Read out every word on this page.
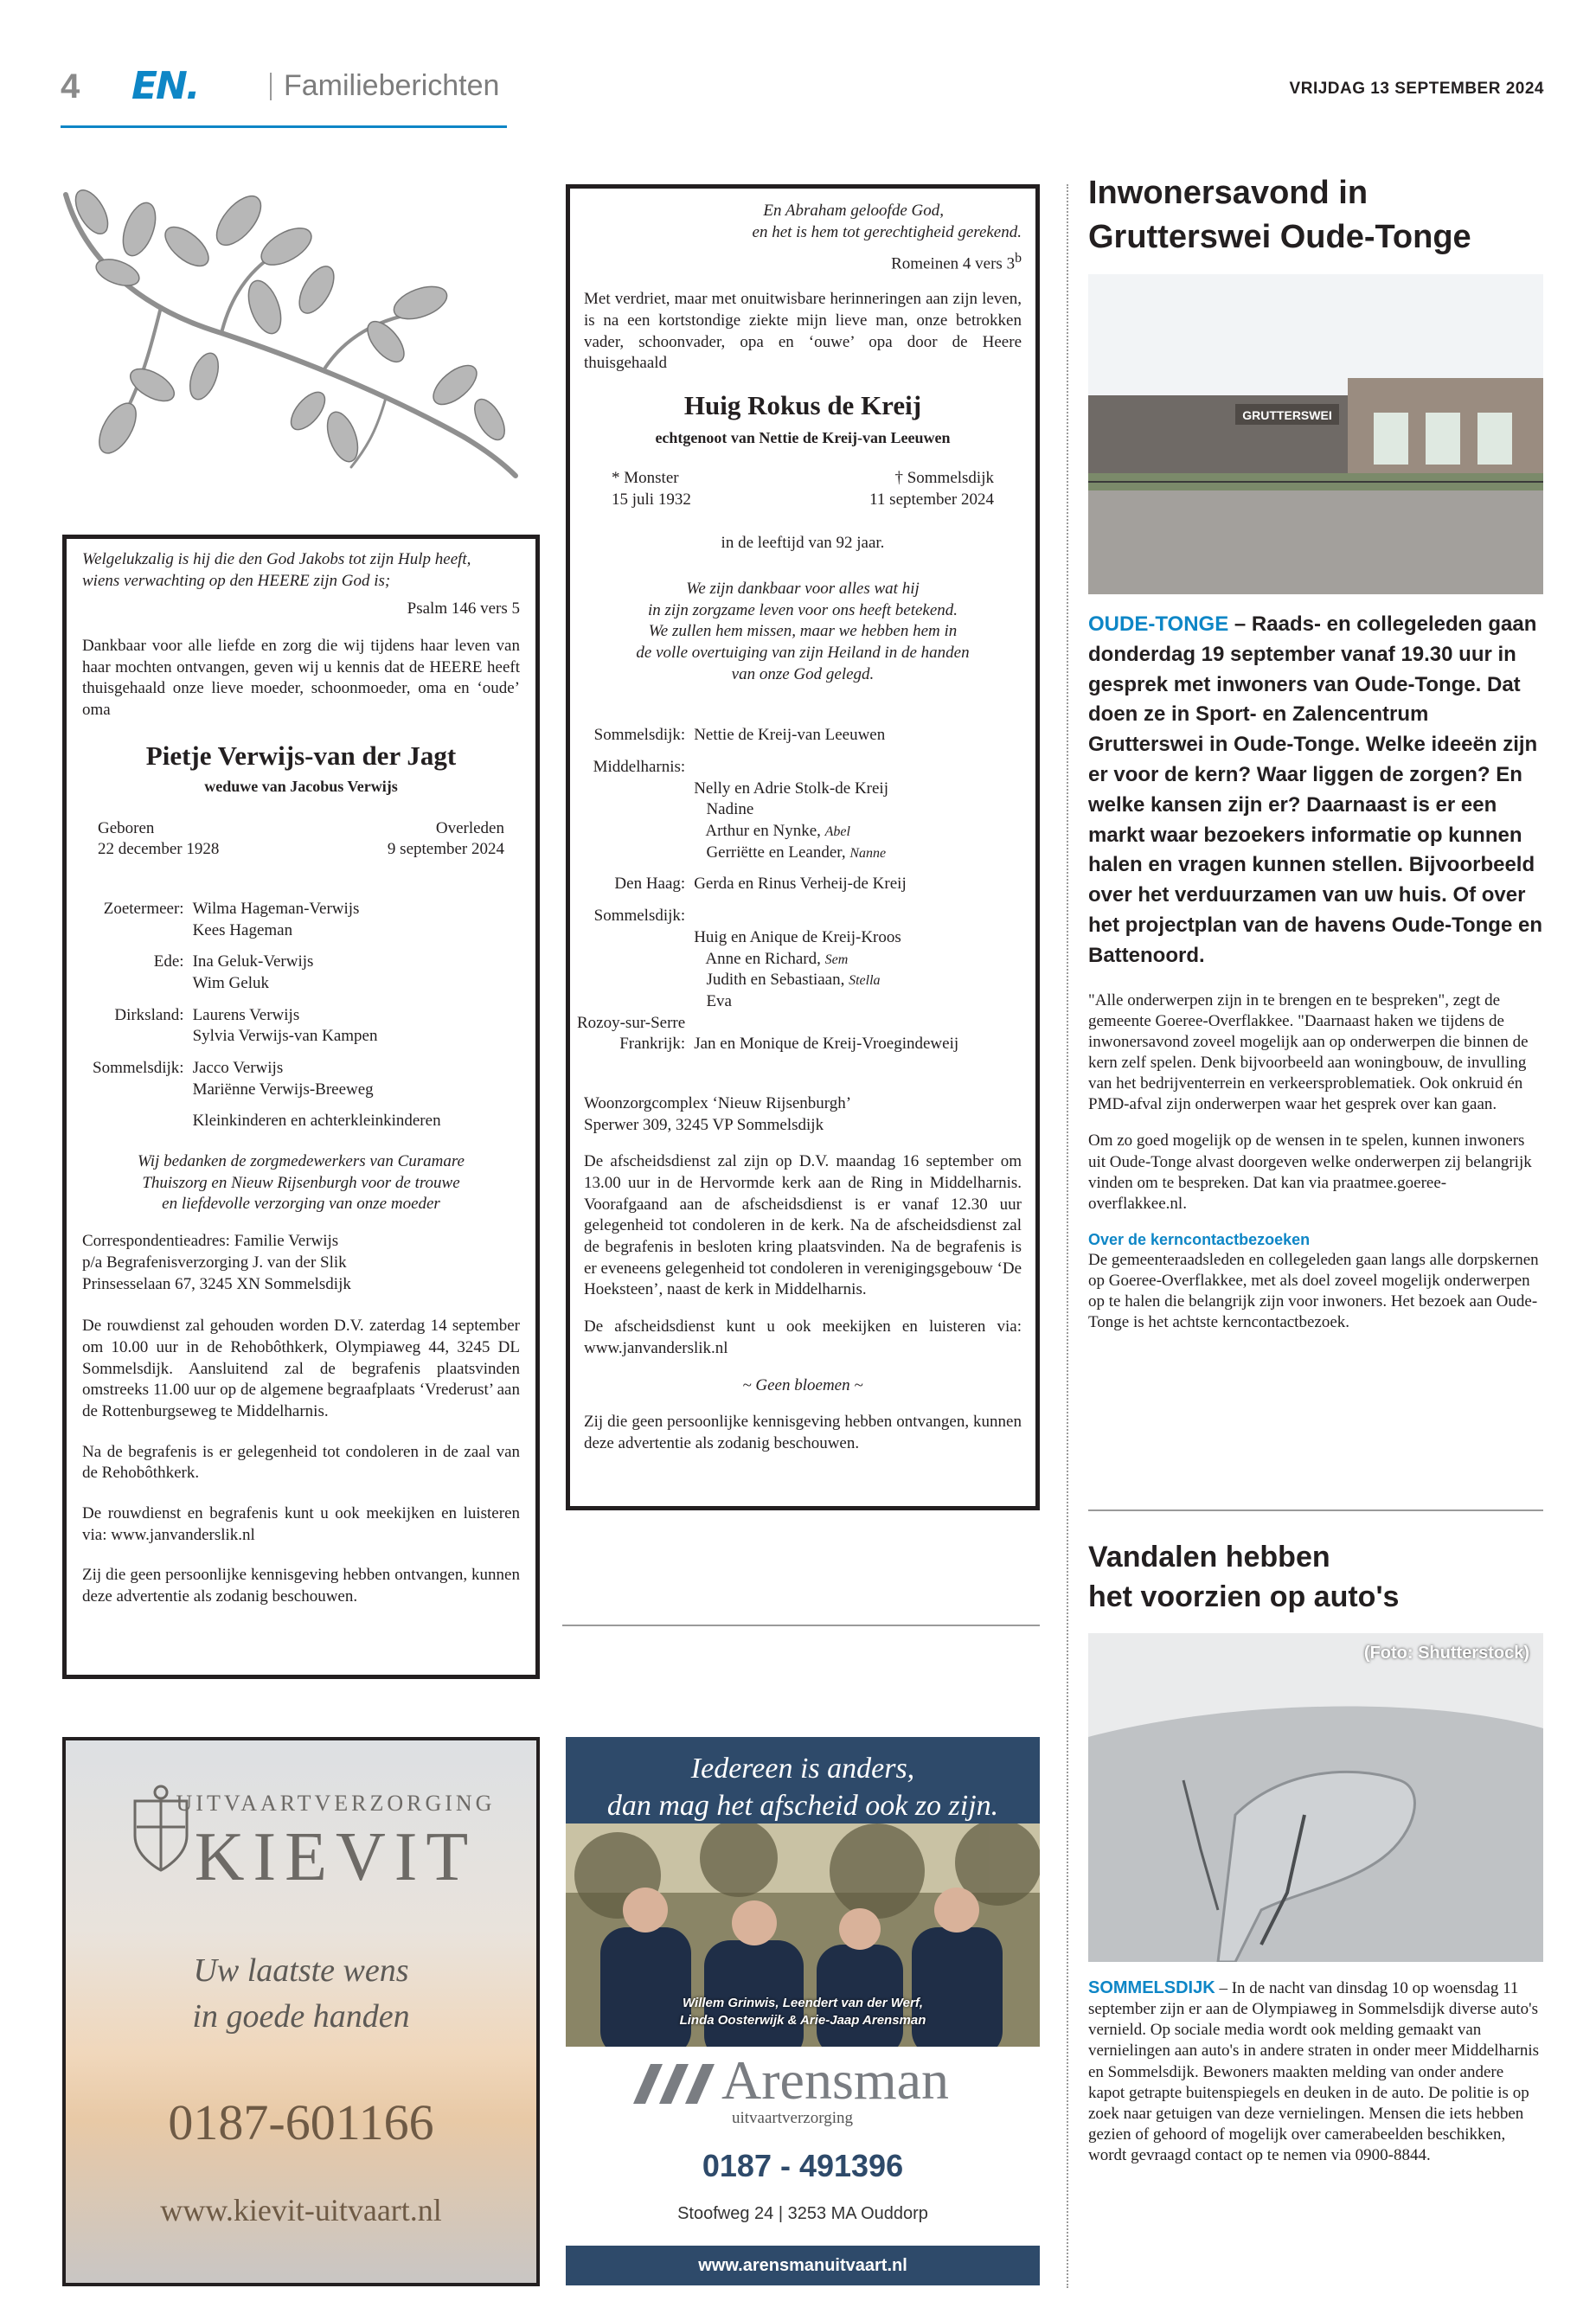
4 EN.	Familieberichten	VRIJDAG 13 SEPTEMBER 2024

Welgelukzalig is hij die den God Jakobs tot zijn Hulp heeft,

wiens verwachting op den HEERE zijn God is;

Psalm 146 vers 5

Dankbaar voor alle liefde en zorg die wij tijdens haar leven van haar mochten ontvangen, geven wij u kennis dat de HEERE heeft thuisgehaald onze lieve moeder, schoonmoeder, oma en ‘oude’ oma

Pietje Verwijs-van der Jagt

weduwe van Jacobus Verwijs

Geboren

22 december 1928

Overleden

9 september 2024

Zoetermeer: Wilma Hageman-Verwijs
Kees Hageman
Ede: Ina Geluk-Verwijs
Wim Geluk
Dirksland: Laurens Verwijs
Sylvia Verwijs-van Kampen
Sommelsdijk: Jacco Verwijs
Mariënne Verwijs-Breeweg
Kleinkinderen en achterkleinkinderen

Wij bedanken de zorgmedewerkers van Curamare

Thuiszorg en Nieuw Rijsenburgh voor de trouwe

en liefdevolle verzorging van onze moeder

Correspondentieadres: Familie Verwijs

p/a Begrafenisverzorging J. van der Slik

Prinsesselaan 67, 3245 XN Sommelsdijk

De rouwdienst zal gehouden worden D.V. zaterdag 14 september om 10.00 uur in de Rehobôthkerk, Olympiaweg 44, 3245 DL Sommelsdijk. Aansluitend zal de begrafenis plaatsvinden omstreeks 11.00 uur op de algemene begraafplaats ‘Vrederust’ aan de Rottenburgseweg te Middelharnis.

Na de begrafenis is er gelegenheid tot condoleren in de zaal van de Rehobôthkerk.

De rouwdienst en begrafenis kunt u ook meekijken en luisteren via: www.janvanderslik.nl

Zij die geen persoonlijke kennisgeving hebben ontvangen, kunnen deze advertentie als zodanig beschouwen.

En Abraham geloofde God,

en het is hem tot gerechtigheid gerekend.

Romeinen 4 vers 3$^b$

Met verdriet, maar met onuitwisbare herinneringen aan zijn leven, is na een kortstondige ziekte mijn lieve man, onze betrokken vader, schoonvader, opa en ‘ouwe’ opa door de Heere thuisgehaald

Huig Rokus de Kreij

echtgenoot van Nettie de Kreij-van Leeuwen

* Monster

15 juli 1932

† Sommelsdijk

11 september 2024

in de leeftijd van 92 jaar.

We zijn dankbaar voor alles wat hij

in zijn zorgzame leven voor ons heeft betekend.

We zullen hem missen, maar we hebben hem in

de volle overtuiging van zijn Heiland in de handen

van onze God gelegd.

Sommelsdijk: Nettie de Kreij-van Leeuwen
Middelharnis:

Nelly en Adrie Stolk-de Kreij
Nadine
Arthur en Nynke, Abel
Gerriëtte en Leander, Nanne
Den Haag: Gerda en Rinus Verheij-de Kreij
Sommelsdijk:

Huig en Anique de Kreij-Kroos
Anne en Richard, Sem
Judith en Sebastiaan, Stella
Eva
Rozoy-sur-Serre
Frankrijk: Jan en Monique de Kreij-Vroegindeweij

Woonzorgcomplex ‘Nieuw Rijsenburgh’

Sperwer 309, 3245 VP Sommelsdijk

De afscheidsdienst zal zijn op D.V. maandag 16 september om 13.00 uur in de Hervormde kerk aan de Ring in Middelharnis. Voorafgaand aan de afscheidsdienst is er vanaf 12.30 uur gelegenheid tot condoleren in de kerk. Na de afscheidsdienst zal de begrafenis in besloten kring plaatsvinden. Na de begrafenis is er eveneens gelegenheid tot condoleren in verenigingsgebouw ‘De Hoeksteen’, naast de kerk in Middelharnis.

De afscheidsdienst kunt u ook meekijken en luisteren via: www.janvanderslik.nl

~ Geen bloemen ~

Zij die geen persoonlijke kennisgeving hebben ontvangen, kunnen deze advertentie als zodanig beschouwen.

UITVAARTVERZORGING
KIEVIT
Uw laatste wens
in goede handen
0187-601166
www.kievit-uitvaart.nl
Iedereen is anders,
dan mag het afscheid ook zo zijn.
Willem Grinwis, Leendert van der Werf,
Linda Oosterwijk & Arie-Jaap Arensman
Arensman
uitvaartverzorging
0187 - 491396
Stoofweg 24 | 3253 MA Ouddorp
www.arensmanuitvaart.nl
Inwonersavond in Grutterswei Oude-Tonge
GRUTTERSWEI
OUDE-TONGE – Raads- en collegeleden gaan donderdag 19 september vanaf 19.30 uur in gesprek met inwoners van Oude-Tonge. Dat doen ze in Sport- en Zalencentrum Grutterswei in Oude-Tonge. Welke ideeën zijn er voor de kern? Waar liggen de zorgen? En welke kansen zijn er? Daarnaast is er een markt waar bezoekers informatie op kunnen halen en vragen kunnen stellen. Bijvoorbeeld over het verduurzamen van uw huis. Of over het projectplan van de havens Oude-Tonge en Battenoord.

"Alle onderwerpen zijn in te brengen en te bespreken", zegt de gemeente Goeree-Overflakkee. "Daarnaast haken we tijdens de inwonersavond zoveel mogelijk aan op onderwerpen die binnen de kern zelf spelen. Denk bijvoorbeeld aan woningbouw, de invulling van het bedrijventerrein en verkeersproblematiek. Ook onkruid én PMD-afval zijn onderwerpen waar het gesprek over kan gaan.

Om zo goed mogelijk op de wensen in te spelen, kunnen inwoners uit Oude-Tonge alvast doorgeven welke onderwerpen zij belangrijk vinden om te bespreken. Dat kan via praatmee.goeree-overflakkee.nl.

Over de kerncontactbezoeken

De gemeenteraadsleden en collegeleden gaan langs alle dorpskernen op Goeree-Overflakkee, met als doel zoveel mogelijk onderwerpen op te halen die belangrijk zijn voor inwoners. Het bezoek aan Oude-Tonge is het achtste kerncontactbezoek.

Vandalen hebben
het voorzien op auto's
(Foto: Shutterstock)
SOMMELSDIJK – In de nacht van dinsdag 10 op woensdag 11 september zijn er aan de Olympiaweg in Sommelsdijk diverse auto's vernield. Op sociale media wordt ook melding gemaakt van vernielingen aan auto's in andere straten in onder meer Middelharnis en Sommelsdijk. Bewoners maakten melding van onder andere kapot getrapte buitenspiegels en deuken in de auto. De politie is op zoek naar getuigen van deze vernielingen. Mensen die iets hebben gezien of gehoord of mogelijk over camerabeelden beschikken, wordt gevraagd contact op te nemen via 0900-8844.
